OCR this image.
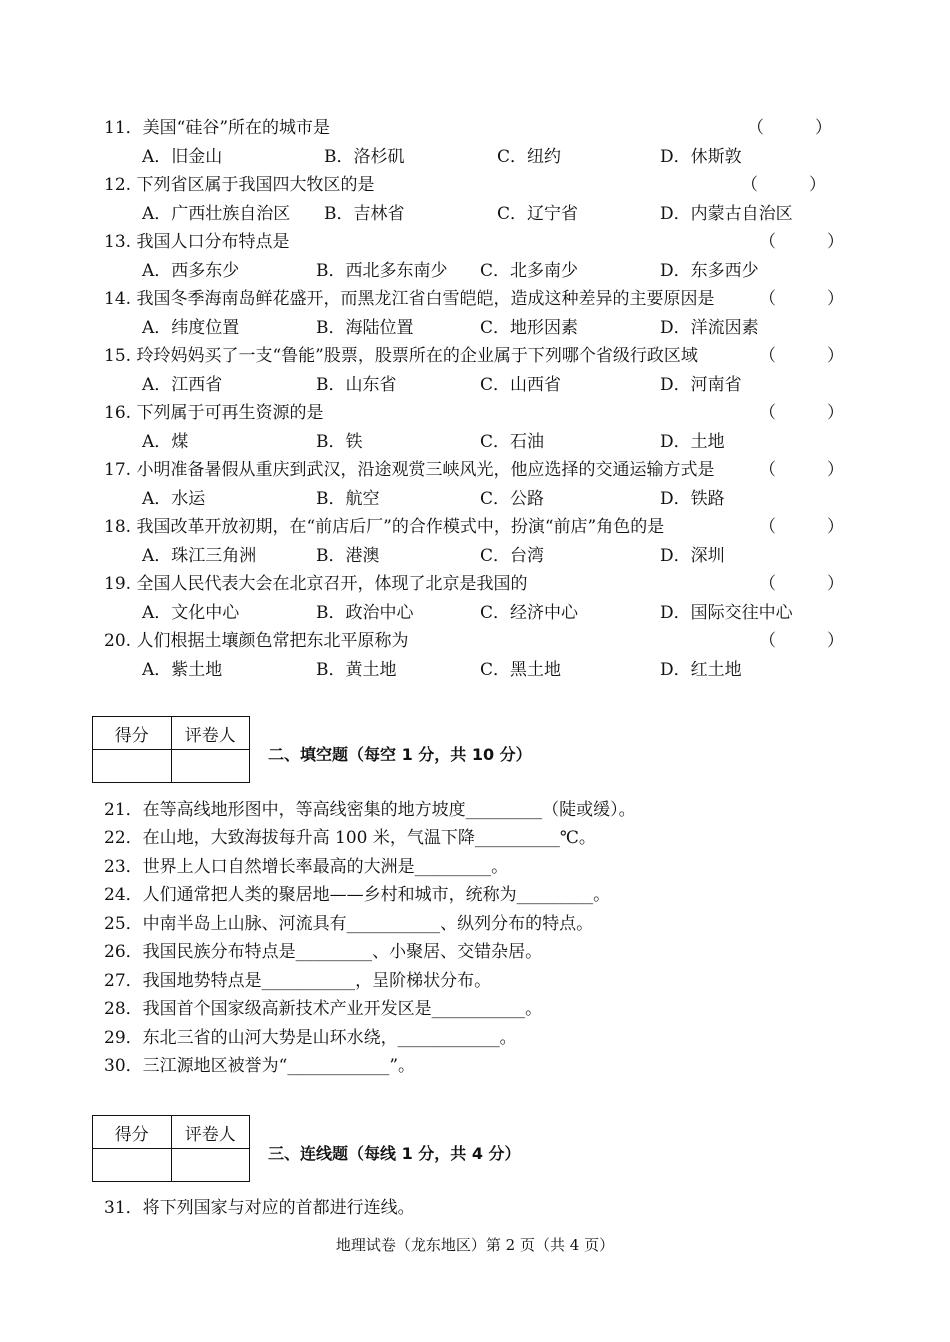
11．美国“硅谷”所在的城市是	（　　　）
A．旧金山	B．洛杉矶	C．纽约	D．休斯敦
12. 下列省区属于我国四大牧区的是	（　　　）
A．广西壮族自治区 B．吉林省	C．辽宁省	D．内蒙古自治区
13. 我国人口分布特点是	（　　　）
A．西多东少	B．西北多东南少 C．北多南少	D．东多西少
14. 我国冬季海南岛鲜花盛开，而黑龙江省白雪皑皑，造成这种差异的主要原因是	（　　　）
A．纬度位置	B．海陆位置	C．地形因素	D．洋流因素
15. 玲玲妈妈买了一支“鲁能”股票，股票所在的企业属于下列哪个省级行政区域	（　　　）
A．江西省	B．山东省	C．山西省	D．河南省
16. 下列属于可再生资源的是	（　　　）
A．煤	B．铁	C．石油	D．土地
17. 小明准备暑假从重庆到武汉，沿途观赏三峡风光，他应选择的交通运输方式是	（　　　）
A．水运	B．航空	C．公路	D．铁路
18. 我国改革开放初期，在“前店后厂”的合作模式中，扮演“前店”角色的是	（　　　）
A．珠江三角洲	B．港澳	C．台湾	D．深圳
19. 全国人民代表大会在北京召开，体现了北京是我国的	（　　　）
A．文化中心	B．政治中心	C．经济中心	D．国际交往中心
20. 人们根据土壤颜色常把东北平原称为	（　　　）
A．紫土地	B．黄土地	C．黑土地	D．红土地
得分	评卷人

二、填空题（每空 1 分，共 10 分）
21．在等高线地形图中，等高线密集的地方坡度_________（陡或缓）。
22．在山地，大致海拔每升高 100 米，气温下降__________℃。
23．世界上人口自然增长率最高的大洲是_________。
24．人们通常把人类的聚居地——乡村和城市，统称为_________。
25．中南半岛上山脉、河流具有___________、纵列分布的特点。
26．我国民族分布特点是_________、小聚居、交错杂居。
27．我国地势特点是___________，呈阶梯状分布。
28．我国首个国家级高新技术产业开发区是___________。
29．东北三省的山河大势是山环水绕，____________。
30．三江源地区被誉为“____________”。
得分	评卷人

三、连线题（每线 1 分，共 4 分）
31．将下列国家与对应的首都进行连线。
地理试卷（龙东地区）第 2 页（共 4 页）
